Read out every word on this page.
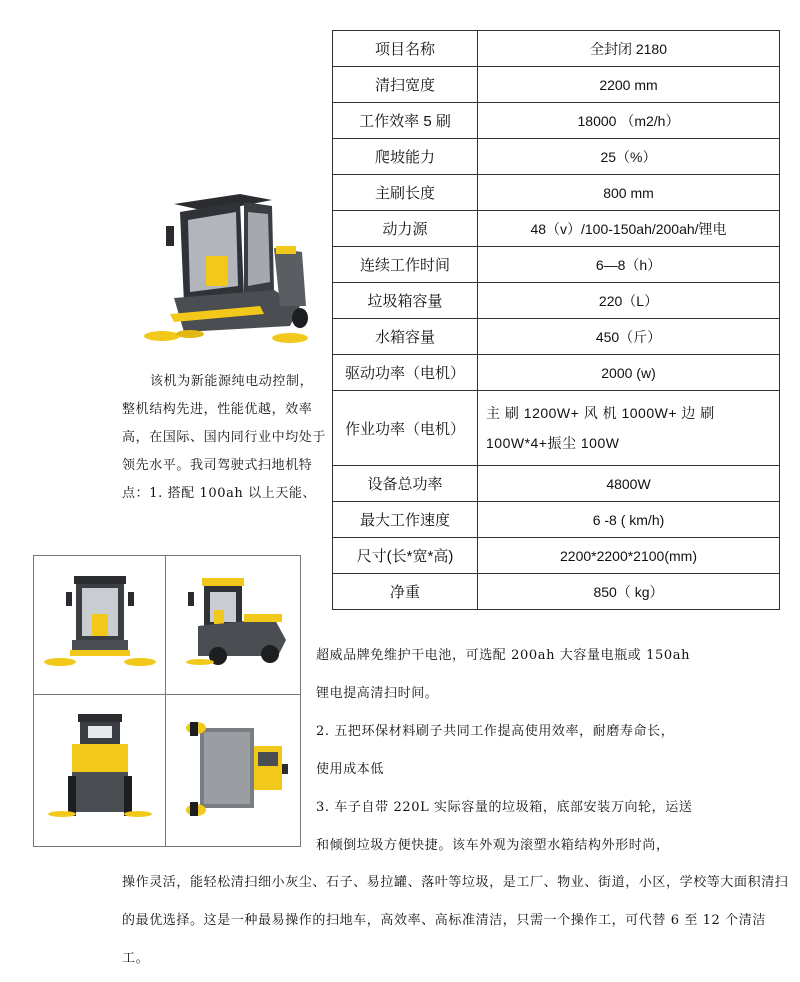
项目名称	全封闭 2180
清扫宽度	2200 mm
工作效率 5 刷	18000 （m2/h）
爬坡能力	25（%）
主刷长度	800 mm
动力源	48（v）/100-150ah/200ah/锂电
连续工作时间	6—8（h）
垃圾箱容量	220（L）
水箱容量	450（斤）
驱动功率（电机）	2000 (w)
作业功率（电机）	主 刷 1200W+ 风 机 1000W+ 边 刷 100W*4+振尘 100W
设备总功率	4800W
最大工作速度	6 -8 ( km/h)
尺寸(长*宽*高)	2200*2200*2100(mm)
净重	850（ kg）
该机为新能源纯电动控制，整机结构先进，性能优越，效率高，在国际、国内同行业中均处于领先水平。我司驾驶式扫地机特点：1. 搭配 100ah 以上天能、
超威品牌免维护干电池，可选配 200ah 大容量电瓶或 150ah
锂电提高清扫时间。
2. 五把环保材料刷子共同工作提高使用效率，耐磨寿命长，
使用成本低
3. 车子自带 220L 实际容量的垃圾箱，底部安装万向轮，运送
和倾倒垃圾方便快捷。该车外观为滚塑水箱结构外形时尚，
操作灵活，能轻松清扫细小灰尘、石子、易拉罐、落叶等垃圾，是工厂、物业、街道，小区，学校等大面积清扫的最优选择。这是一种最易操作的扫地车，高效率、高标准清洁，只需一个操作工，可代替 6 至 12 个清洁工。
